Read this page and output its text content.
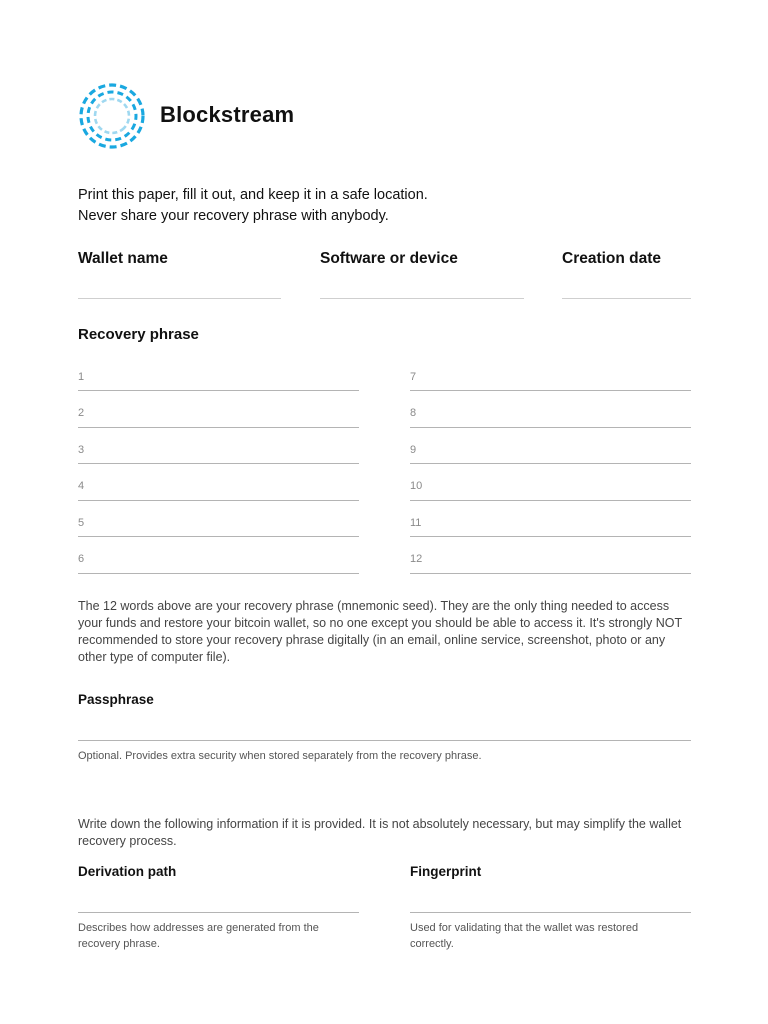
Blockstream

Print this paper, fill it out, and keep it in a safe location.

Never share your recovery phrase with anybody.

Wallet name	Software or device	Creation date
Recovery phrase
1
2
3
4
5
6
7
8
9
10
11
12
The 12 words above are your recovery phrase (mnemonic seed). They are the only thing needed to access your funds and restore your bitcoin wallet, so no one except you should be able to access it. It's strongly NOT recommended to store your recovery phrase digitally (in an email, online service, screenshot, photo or any other type of computer file).
Passphrase
Optional. Provides extra security when stored separately from the recovery phrase.
Write down the following information if it is provided. It is not absolutely necessary, but may simplify the wallet recovery process.
Derivation path
Describes how addresses are generated from the recovery phrase.
Fingerprint
Used for validating that the wallet was restored correctly.
